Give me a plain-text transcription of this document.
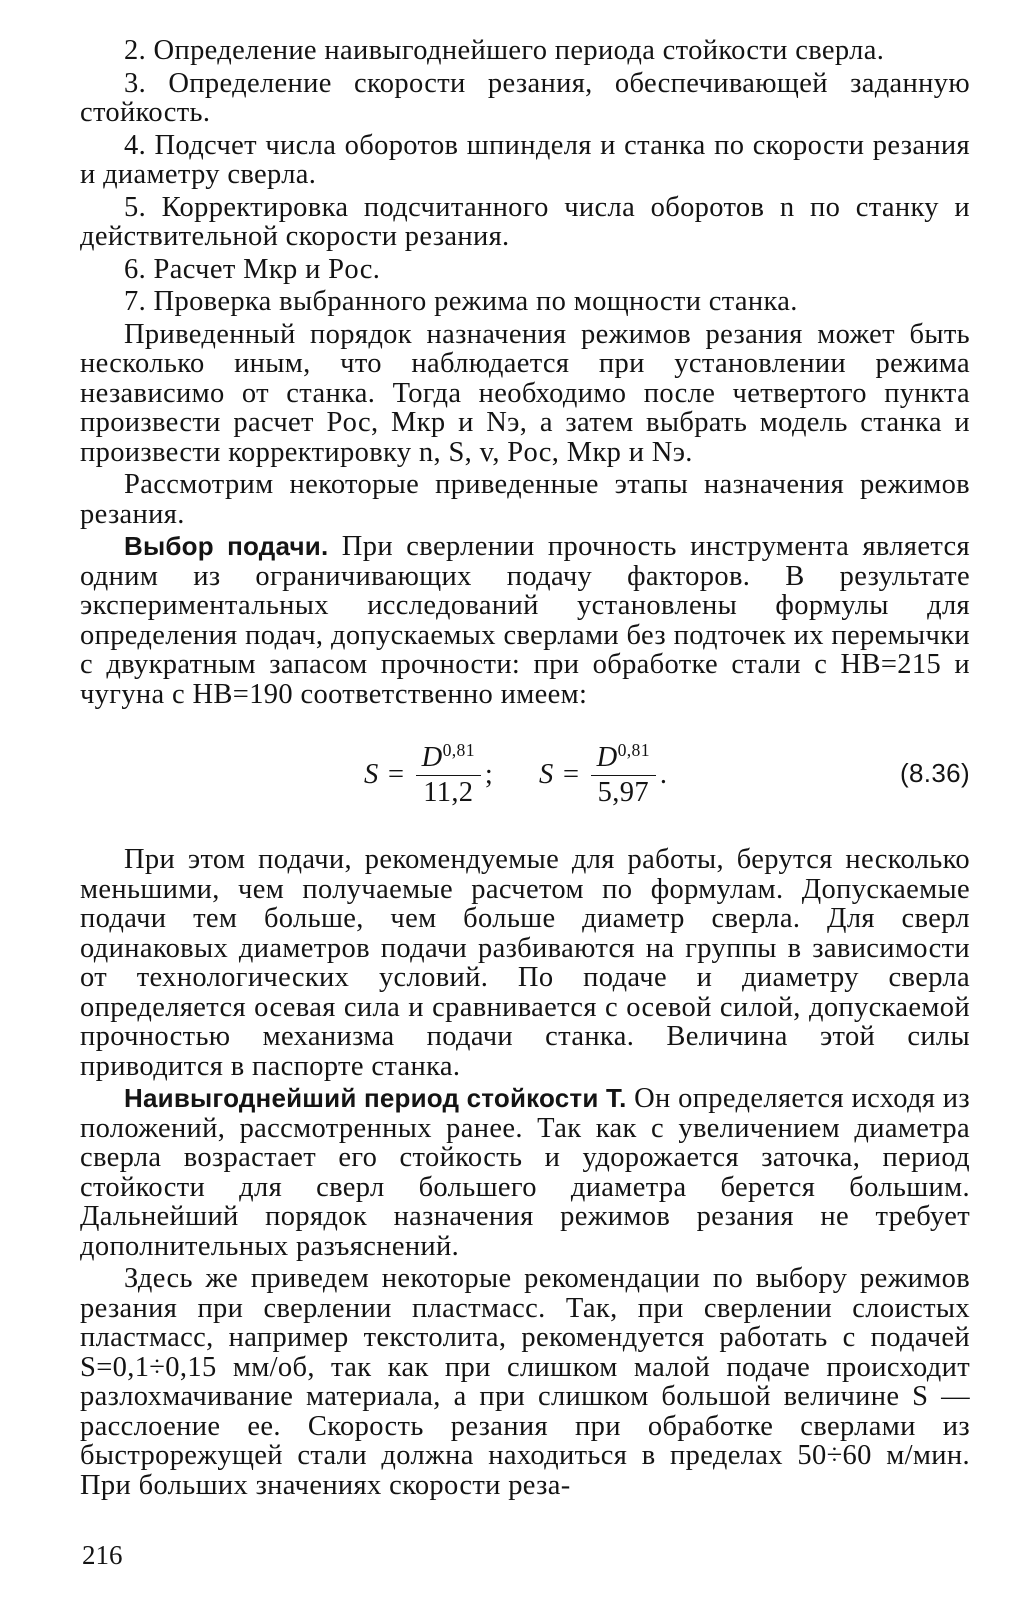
2. Определение наивыгоднейшего периода стойкости сверла.

3. Определение скорости резания, обеспечивающей заданную стойкость.

4. Подсчет числа оборотов шпинделя и станка по скорости резания и диаметру сверла.

5. Корректировка подсчитанного числа оборотов n по станку и действительной скорости резания.

6. Расчет Mкр и Pос.

7. Проверка выбранного режима по мощности станка.

Приведенный порядок назначения режимов резания может быть несколько иным, что наблюдается при установлении режима независимо от станка. Тогда необходимо после четвертого пункта произвести расчет Pос, Mкр и Nэ, а затем выбрать модель станка и произвести корректировку n, S, v, Pос, Mкр и Nэ.

Рассмотрим некоторые приведенные этапы назначения режимов резания.

Выбор подачи. При сверлении прочность инструмента является одним из ограничивающих подачу факторов. В результате экспериментальных исследований установлены формулы для определения подач, допускаемых сверлами без подточек их перемычки с двукратным запасом прочности: при обработке стали с НВ=215 и чугуна с НВ=190 соответственно имеем:

$S = \frac{D^{0,81}}{11,2}$ ; $S = \frac{D^{0,81}}{5,97}$ .	(8.36)

При этом подачи, рекомендуемые для работы, берутся несколько меньшими, чем получаемые расчетом по формулам. Допускаемые подачи тем больше, чем больше диаметр сверла. Для сверл одинаковых диаметров подачи разбиваются на группы в зависимости от технологических условий. По подаче и диаметру сверла определяется осевая сила и сравнивается с осевой силой, допускаемой прочностью механизма подачи станка. Величина этой силы приводится в паспорте станка.

Наивыгоднейший период стойкости T. Он определяется исходя из положений, рассмотренных ранее. Так как с увеличением диаметра сверла возрастает его стойкость и удорожается заточка, период стойкости для сверл большего диаметра берется большим. Дальнейший порядок назначения режимов резания не требует дополнительных разъяснений.

Здесь же приведем некоторые рекомендации по выбору режимов резания при сверлении пластмасс. Так, при сверлении слоистых пластмасс, например текстолита, рекомендуется работать с подачей S=0,1÷0,15 мм/об, так как при слишком малой подаче происходит разлохмачивание материала, а при слишком большой величине S — расслоение ее. Скорость резания при обработке сверлами из быстрорежущей стали должна находиться в пределах 50÷60 м/мин. При больших значениях скорости реза-

216
